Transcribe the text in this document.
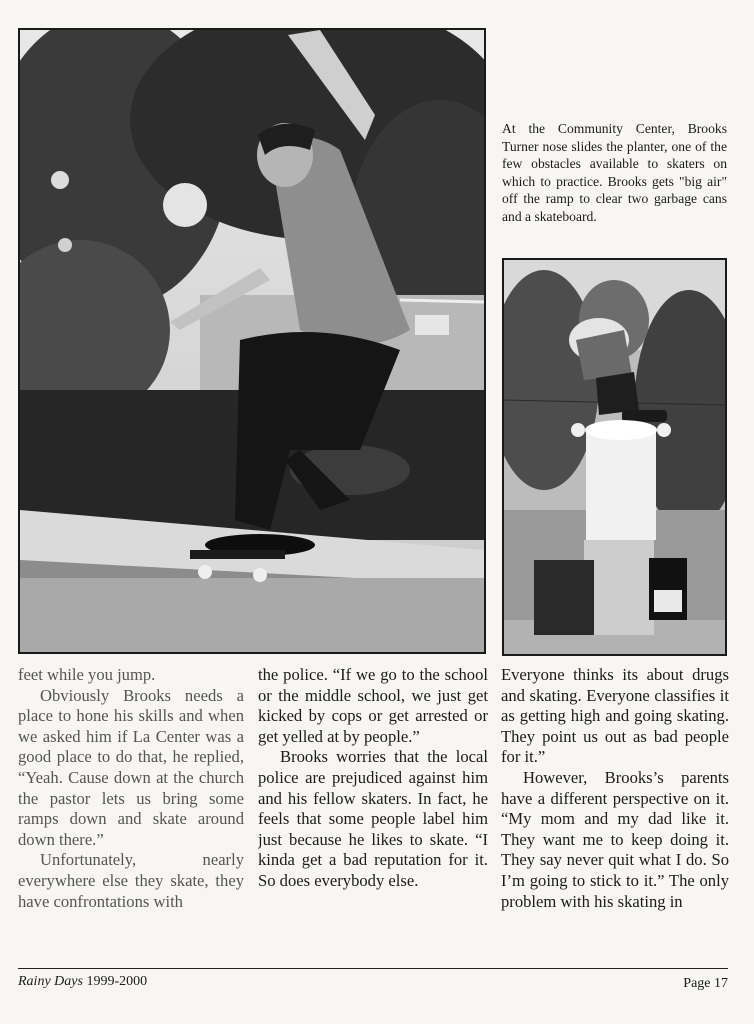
At the Community Center, Brooks Turner nose slides the planter, one of the few obstacles available to skaters on which to practice. Brooks gets "big air" off the ramp to clear two garbage cans and a skateboard.

feet while you jump.

Obviously Brooks needs a place to hone his skills and when we asked him if La Center was a good place to do that, he replied, “Yeah. Cause down at the church the pastor lets us bring some ramps down and skate around down there.”

Unfortunately, nearly everywhere else they skate, they have confrontations with

the police. “If we go to the school or the middle school, we just get kicked by cops or get arrested or get yelled at by people.”

Brooks worries that the local police are prejudiced against him and his fellow skaters. In fact, he feels that some people label him just because he likes to skate. “I kinda get a bad reputation for it. So does everybody else.

Everyone thinks its about drugs and skating. Everyone classifies it as getting high and going skating. They point us out as bad people for it.”

However, Brooks’s parents have a different perspective on it. “My mom and my dad like it. They want me to keep doing it. They say never quit what I do. So I’m going to stick to it.” The only problem with his skating in

Rainy Days 1999-2000	Page 17
